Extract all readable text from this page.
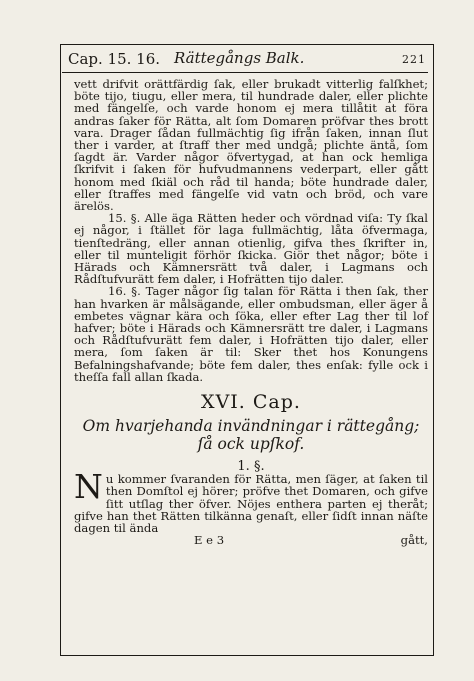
Cap. 15. 16. Rättegångs Balk.	221

vett drifvit orättfärdig ſak, eller brukadt vitterlig falſkhet; böte tijo, tiugu, eller mera, til hundrade daler, eller plichte med fängelſe, och varde honom ej mera tillåtit at föra andras ſaker för Rätta, alt ſom Domaren pröfvar thes brott vara. Drager ſådan fullmächtig ſig ifrån ſaken, innan ſlut ther i varder, at ſtraff ther med undgå; plichte äntå, ſom ſagdt är. Varder någor öfvertygad, at han ock hemliga ſkrifvit i ſaken för hufvudmannens vederpart, eller gått honom med ſkiäl och råd til handa; böte hundrade daler, eller ſtraffes med fängelſe vid vatn och bröd, och vare ärelös.

15. §. Alle äga Rätten heder och vördnad viſa: Ty ſkal ej någor, i ſtället för laga fullmächtig, låta öfvermaga, tienſtedräng, eller annan otienlig, gifva thes ſkrifter in, eller til munteligit förhör ſkicka. Giör thet någor; böte i Härads och Kämnersrätt två daler, i Lagmans och Rådſtufvurätt fem daler, i Hofrätten tijo daler.

16. §. Tager någor ſig talan för Rätta i then ſak, ther han hvarken är målsägande, eller ombudsman, eller äger å embetes vägnar kära och ſöka, eller efter Lag ther til lof hafver; böte i Härads och Kämnersrätt tre daler, i Lagmans och Rådſtufvurätt fem daler, i Hofrätten tijo daler, eller mera, ſom ſaken är til: Sker thet hos Konungens Befalningshafvande; böte fem daler, thes enſak: fylle ock i theſſa fall allan ſkada.

XVI. Cap.
Om hvarjehanda invändningar i rättegång; ſå ock upſkof.
1. §.
N u kommer ſvaranden för Rätta, men ſäger, at ſaken til then Domſtol ej hörer; pröfve thet Domaren, och gifve ſitt utſlag ther öfver. Nöjes enthera parten ej theråt; gifve han thet Rätten tilkänna genaſt, eller ſidſt innan näſte dagen til ända
E e 3	gått,
